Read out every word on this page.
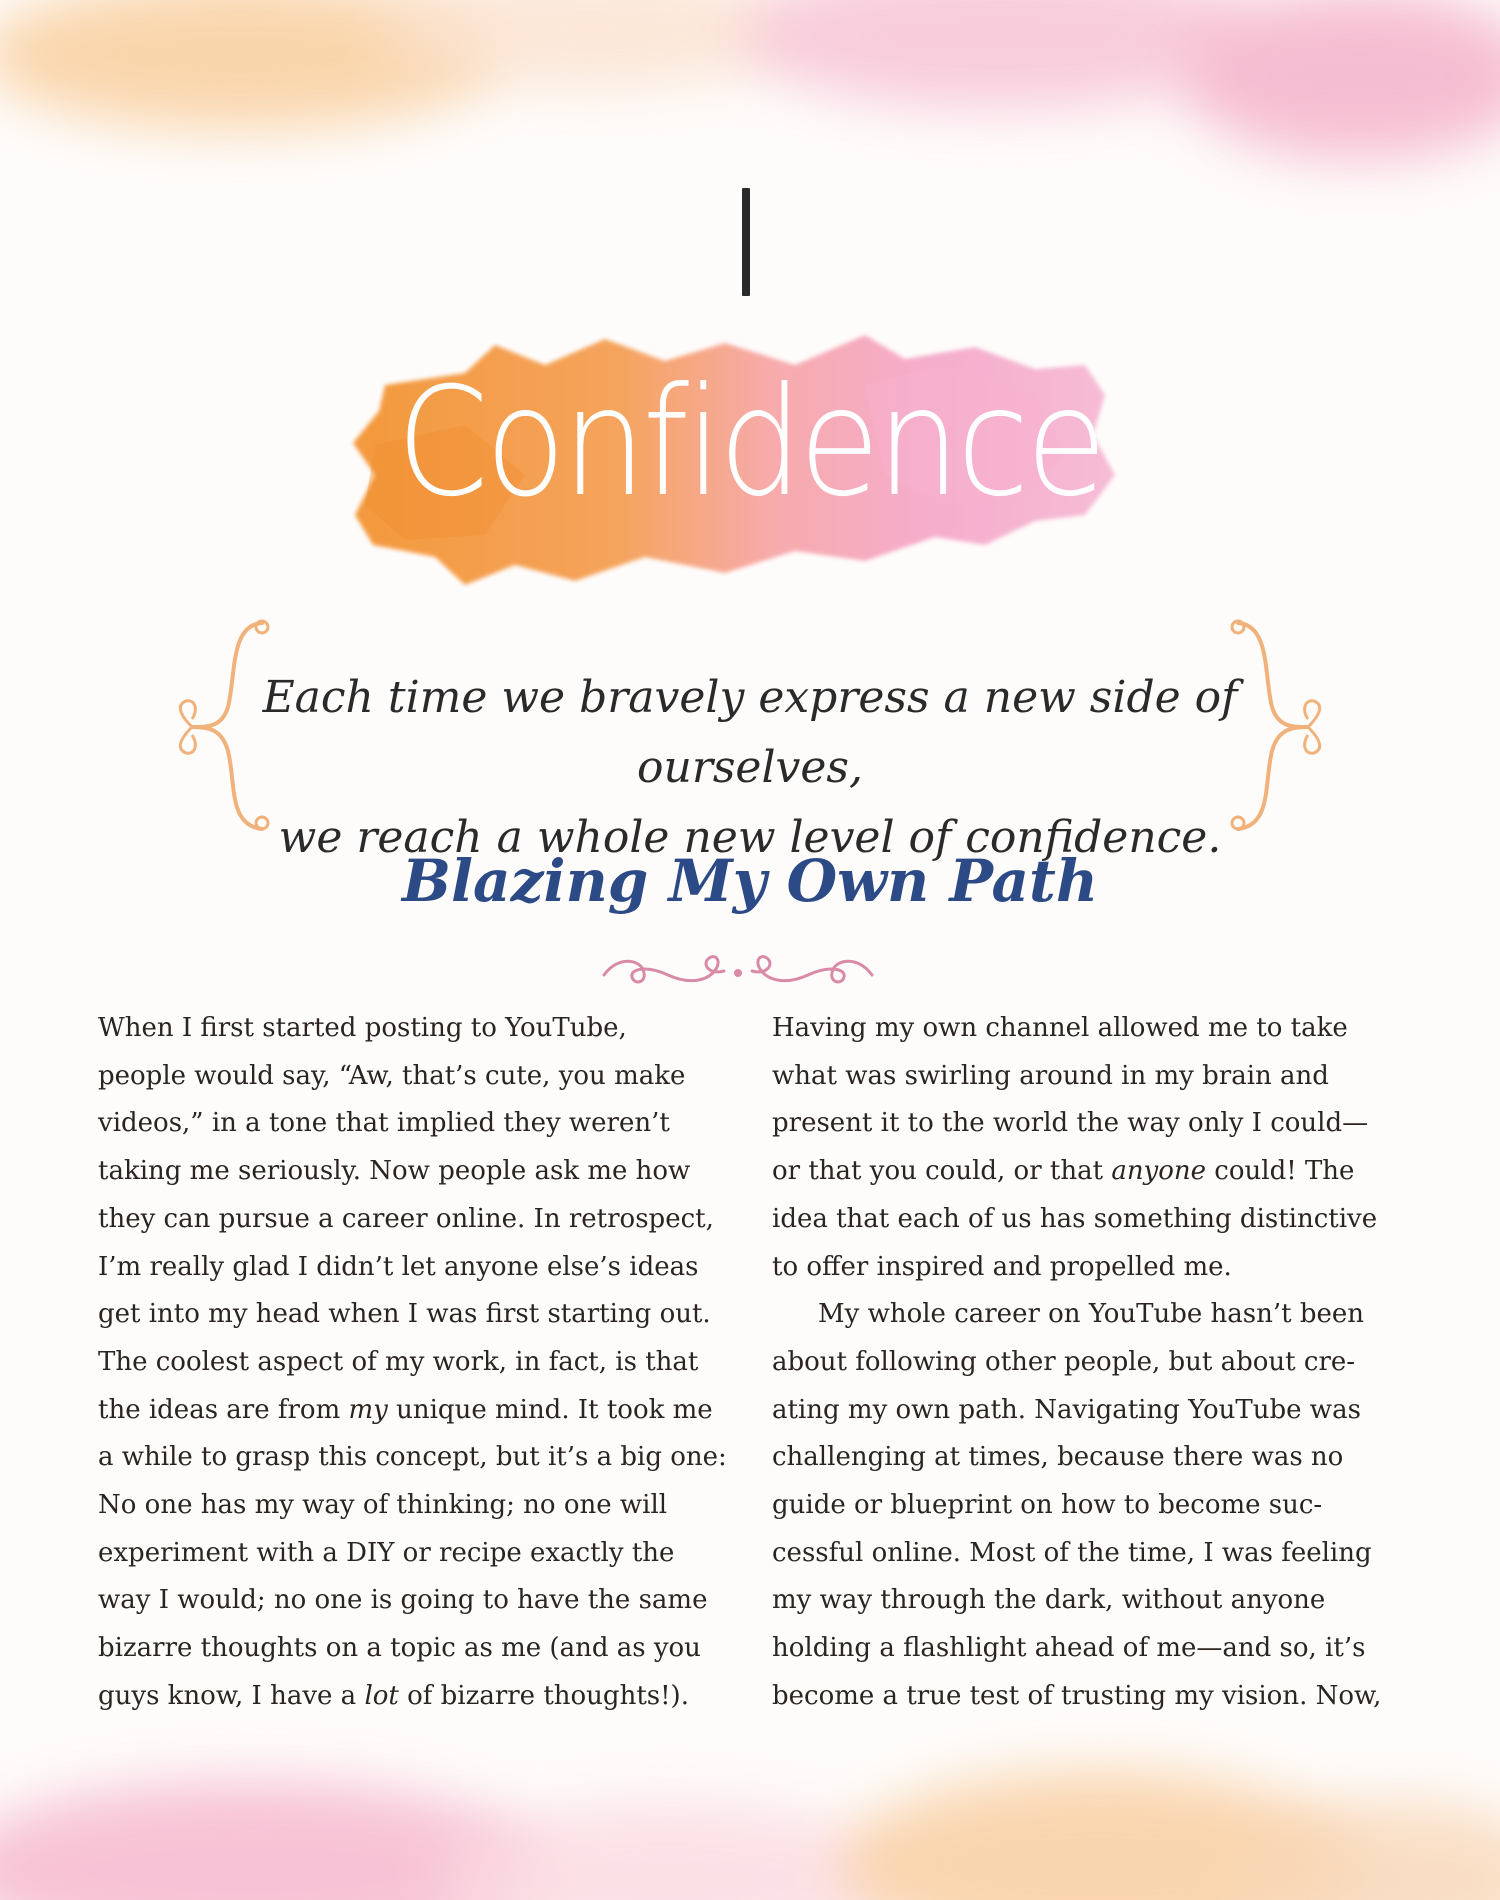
Confidence
Each time we bravely express a new side of ourselves,
we reach a whole new level of confidence.
Blazing My Own Path
When I first started posting to YouTube,
people would say, “Aw, that’s cute, you make
videos,” in a tone that implied they weren’t
taking me seriously. Now people ask me how
they can pursue a career online. In retrospect,
I’m really glad I didn’t let anyone else’s ideas
get into my head when I was first starting out.
The coolest aspect of my work, in fact, is that
the ideas are from my unique mind. It took me
a while to grasp this concept, but it’s a big one:
No one has my way of thinking; no one will
experiment with a DIY or recipe exactly the
way I would; no one is going to have the same
bizarre thoughts on a topic as me (and as you
guys know, I have a lot of bizarre thoughts!).
Having my own channel allowed me to take
what was swirling around in my brain and
present it to the world the way only I could—
or that you could, or that anyone could! The
idea that each of us has something distinctive
to offer inspired and propelled me.
My whole career on YouTube hasn’t been
about following other people, but about cre-
ating my own path. Navigating YouTube was
challenging at times, because there was no
guide or blueprint on how to become suc-
cessful online. Most of the time, I was feeling
my way through the dark, without anyone
holding a flashlight ahead of me—and so, it’s
become a true test of trusting my vision. Now,
